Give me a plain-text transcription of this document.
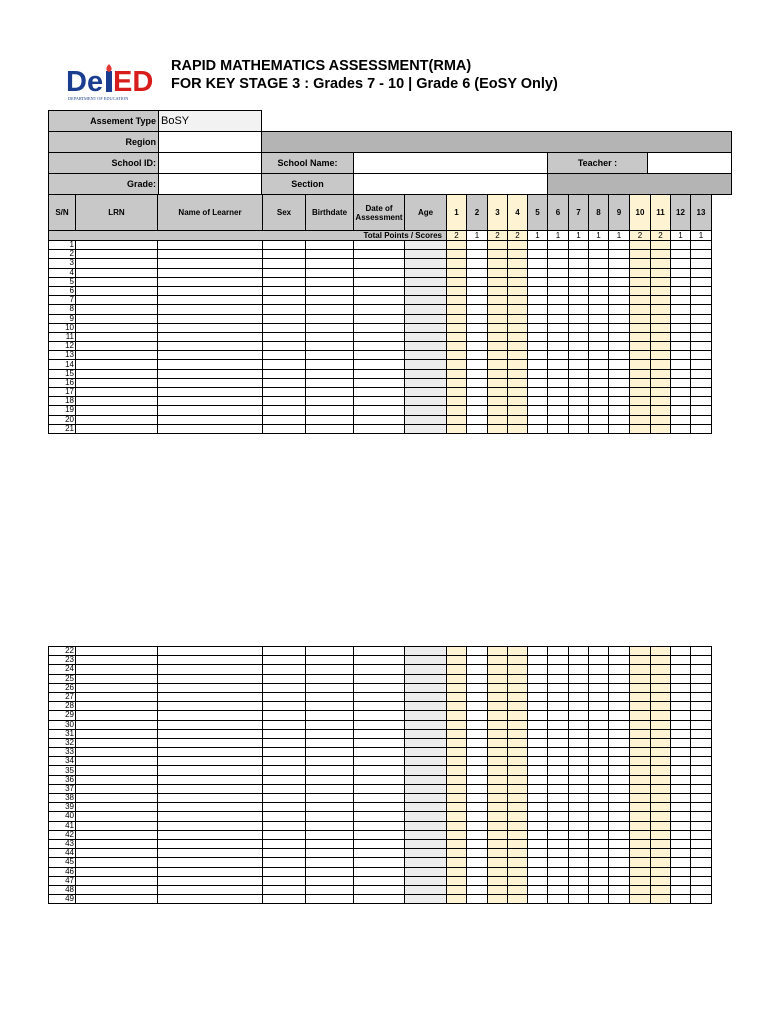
De ED
DEPARTMENT OF EDUCATION
RAPID MATHEMATICS ASSESSMENT(RMA)
FOR KEY STAGE 3 : Grades 7 - 10 | Grade 6 (EoSY Only)
Assement Type	BoSY				
Region					
School ID:		School Name:		Teacher :	
Grade:		Section			
S/N	LRN	Name of Learner	Sex	Birthdate	Date of Assessment	Age	1	2	3	4	5	6	7	8	9	10	11	12	13
Total Points / Scores							2	1	2	2	1	1	1	1	1	2	2	1	1
1																			
2																			
3																			
4																			
5																			
6																			
7																			
8																			
9																			
10																			
11																			
12																			
13																			
14																			
15																			
16																			
17																			
18																			
19																			
20																			
21																			
22																			
23																			
24																			
25																			
26																			
27																			
28																			
29																			
30																			
31																			
32																			
33																			
34																			
35																			
36																			
37																			
38																			
39																			
40																			
41																			
42																			
43																			
44																			
45																			
46																			
47																			
48																			
49																			
